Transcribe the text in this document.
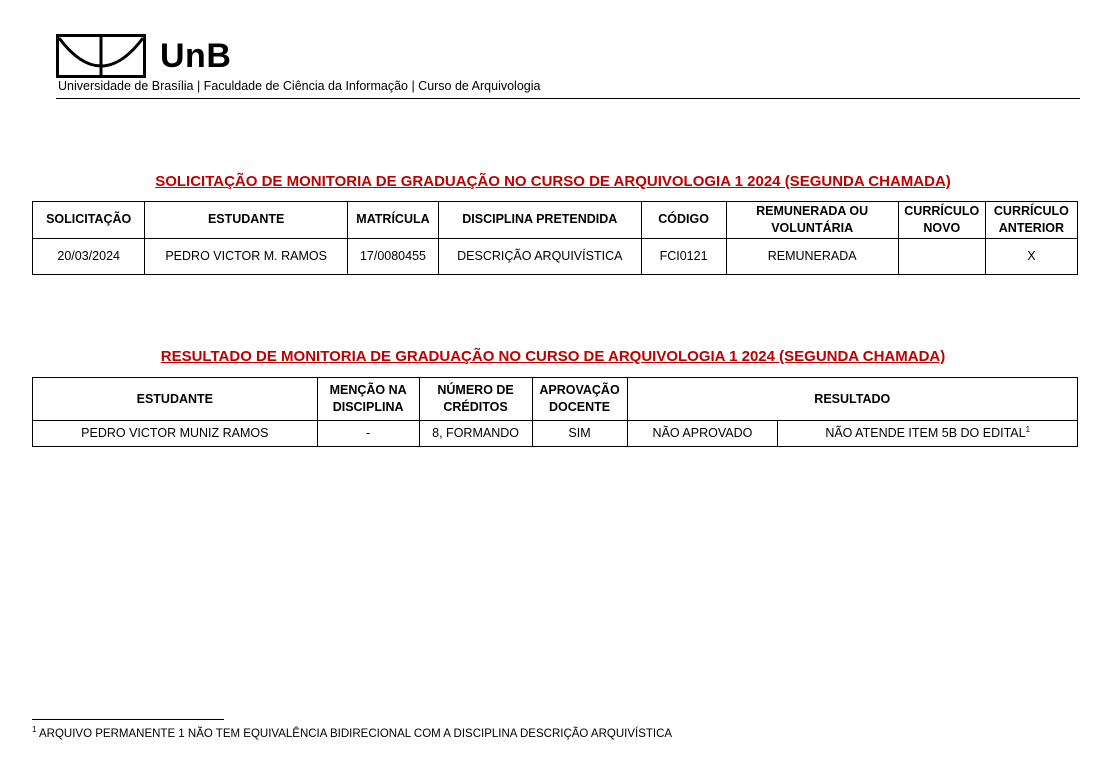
UnB
Universidade de Brasília | Faculdade de Ciência da Informação | Curso de Arquivologia
SOLICITAÇÃO DE MONITORIA DE GRADUAÇÃO NO CURSO DE ARQUIVOLOGIA 1 2024 (SEGUNDA CHAMADA)
SOLICITAÇÃO	ESTUDANTE	MATRÍCULA	DISCIPLINA PRETENDIDA	CÓDIGO	REMUNERADA OU VOLUNTÁRIA	CURRÍCULO NOVO	CURRÍCULO ANTERIOR
20/03/2024	PEDRO VICTOR M. RAMOS	17/0080455	DESCRIÇÃO ARQUIVÍSTICA	FCI0121	REMUNERADA		X
RESULTADO DE MONITORIA DE GRADUAÇÃO NO CURSO DE ARQUIVOLOGIA 1 2024 (SEGUNDA CHAMADA)
ESTUDANTE	MENÇÃO NA DISCIPLINA	NÚMERO DE CRÉDITOS	APROVAÇÃO DOCENTE	RESULTADO	
PEDRO VICTOR MUNIZ RAMOS	-	8, FORMANDO	SIM	NÃO APROVADO	NÃO ATENDE ITEM 5B DO EDITAL$^1$
$^1$ ARQUIVO PERMANENTE 1 NÃO TEM EQUIVALÊNCIA BIDIRECIONAL COM A DISCIPLINA DESCRIÇÃO ARQUIVÍSTICA
